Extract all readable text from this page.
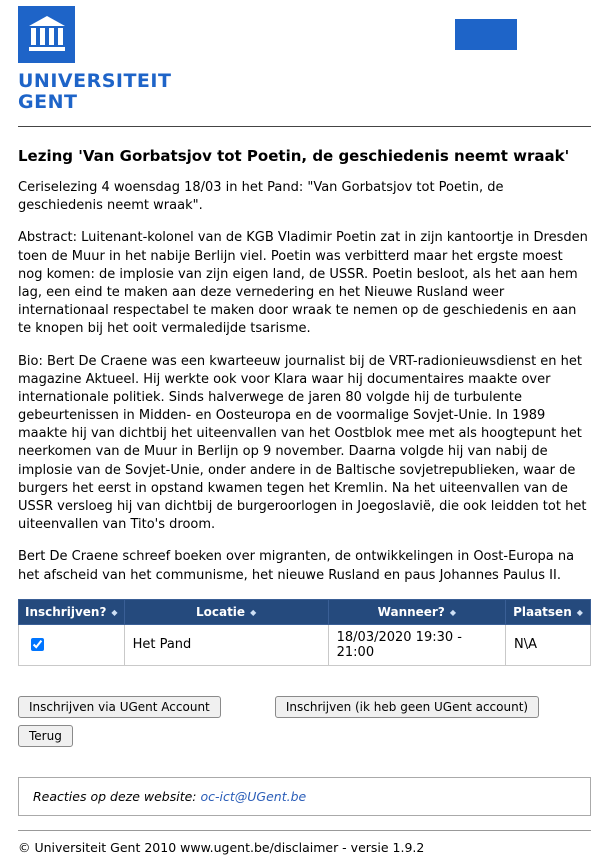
UNIVERSITEIT
GENT
Lezing 'Van Gorbatsjov tot Poetin, de geschiedenis neemt wraak'

Ceriselezing 4 woensdag 18/03 in het Pand: "Van Gorbatsjov tot Poetin, de geschiedenis neemt wraak".

Abstract: Luitenant-kolonel van de KGB Vladimir Poetin zat in zijn kantoortje in Dresden toen de Muur in het nabije Berlijn viel. Poetin was verbitterd maar het ergste moest nog komen: de implosie van zijn eigen land, de USSR. Poetin besloot, als het aan hem lag, een eind te maken aan deze vernedering en het Nieuwe Rusland weer internationaal respectabel te maken door wraak te nemen op de geschiedenis en aan te knopen bij het ooit vermaledijde tsarisme.

Bio: Bert De Craene was een kwarteeuw journalist bij de VRT-radionieuwsdienst en het magazine Aktueel. Hij werkte ook voor Klara waar hij documentaires maakte over internationale politiek. Sinds halverwege de jaren 80 volgde hij de turbulente gebeurtenissen in Midden- en Oosteuropa en de voormalige Sovjet-Unie. In 1989 maakte hij van dichtbij het uiteenvallen van het Oostblok mee met als hoogtepunt het neerkomen van de Muur in Berlijn op 9 november. Daarna volgde hij van nabij de implosie van de Sovjet-Unie, onder andere in de Baltische sovjetrepublieken, waar de burgers het eerst in opstand kwamen tegen het Kremlin. Na het uiteenvallen van de USSR versloeg hij van dichtbij de burgeroorlogen in Joegoslavië, die ook leidden tot het uiteenvallen van Tito's droom.

Bert De Craene schreef boeken over migranten, de ontwikkelingen in Oost-Europa na het afscheid van het communisme, het nieuwe Rusland en paus Johannes Paulus II.

Inschrijven? ◆	Locatie ◆	Wanneer? ◆	Plaatsen ◆
	Het Pand	18/03/2020 19:30 - 21:00	N\A
Inschrijven via UGent Account	Inschrijven (ik heb geen UGent account)
Terug
Reacties op deze website: oc-ict@UGent.be
© Universiteit Gent 2010 www.ugent.be/disclaimer - versie 1.9.2
